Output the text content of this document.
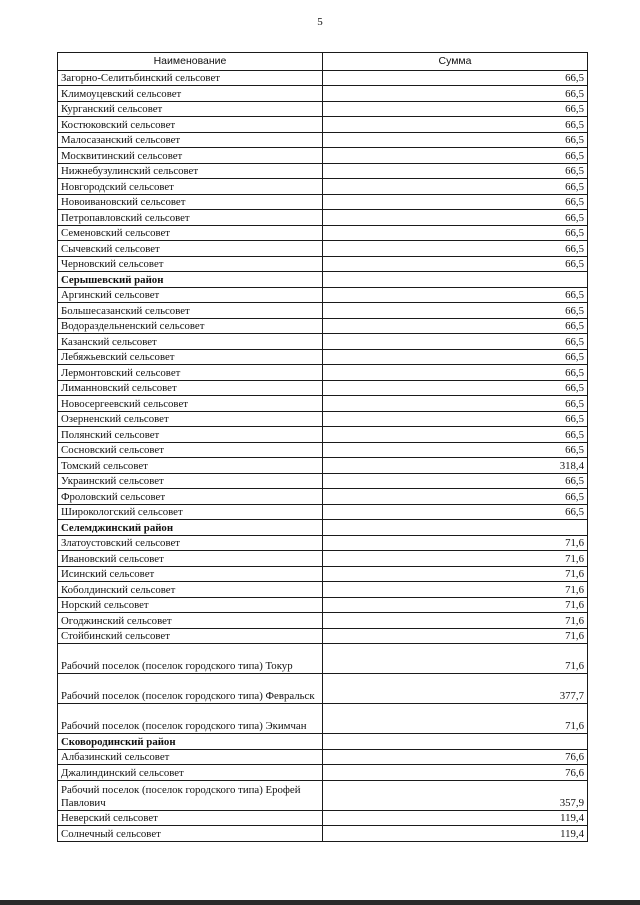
5
Наименование	Сумма
Загорно-Селитьбинский сельсовет	66,5
Климоуцевский сельсовет	66,5
Курганский сельсовет	66,5
Костюковский сельсовет	66,5
Малосазанский сельсовет	66,5
Москвитинский сельсовет	66,5
Нижнебузулинский сельсовет	66,5
Новгородский сельсовет	66,5
Новоивановский сельсовет	66,5
Петропавловский сельсовет	66,5
Семеновский сельсовет	66,5
Сычевский сельсовет	66,5
Черновский сельсовет	66,5
Серышевский район	
Аргинский сельсовет	66,5
Большесазанский сельсовет	66,5
Водораздельненский сельсовет	66,5
Казанский сельсовет	66,5
Лебяжьевский сельсовет	66,5
Лермонтовский сельсовет	66,5
Лиманновский сельсовет	66,5
Новосергеевский сельсовет	66,5
Озерненский сельсовет	66,5
Полянский сельсовет	66,5
Сосновский сельсовет	66,5
Томский сельсовет	318,4
Украинский сельсовет	66,5
Фроловский сельсовет	66,5
Широкологский сельсовет	66,5
Селемджинский район	
Златоустовский сельсовет	71,6
Ивановский сельсовет	71,6
Исинский сельсовет	71,6
Коболдинский сельсовет	71,6
Норский сельсовет	71,6
Огоджинский сельсовет	71,6
Стойбинский сельсовет	71,6
Рабочий поселок (поселок городского типа) Токур	71,6
Рабочий поселок (поселок городского типа) Февральск	377,7
Рабочий поселок (поселок городского типа) Экимчан	71,6
Сковородинский район	
Албазинский сельсовет	76,6
Джалиндинский сельсовет	76,6
Рабочий поселок (поселок городского типа) Ерофей Павлович	357,9
Неверский сельсовет	119,4
Солнечный сельсовет	119,4
